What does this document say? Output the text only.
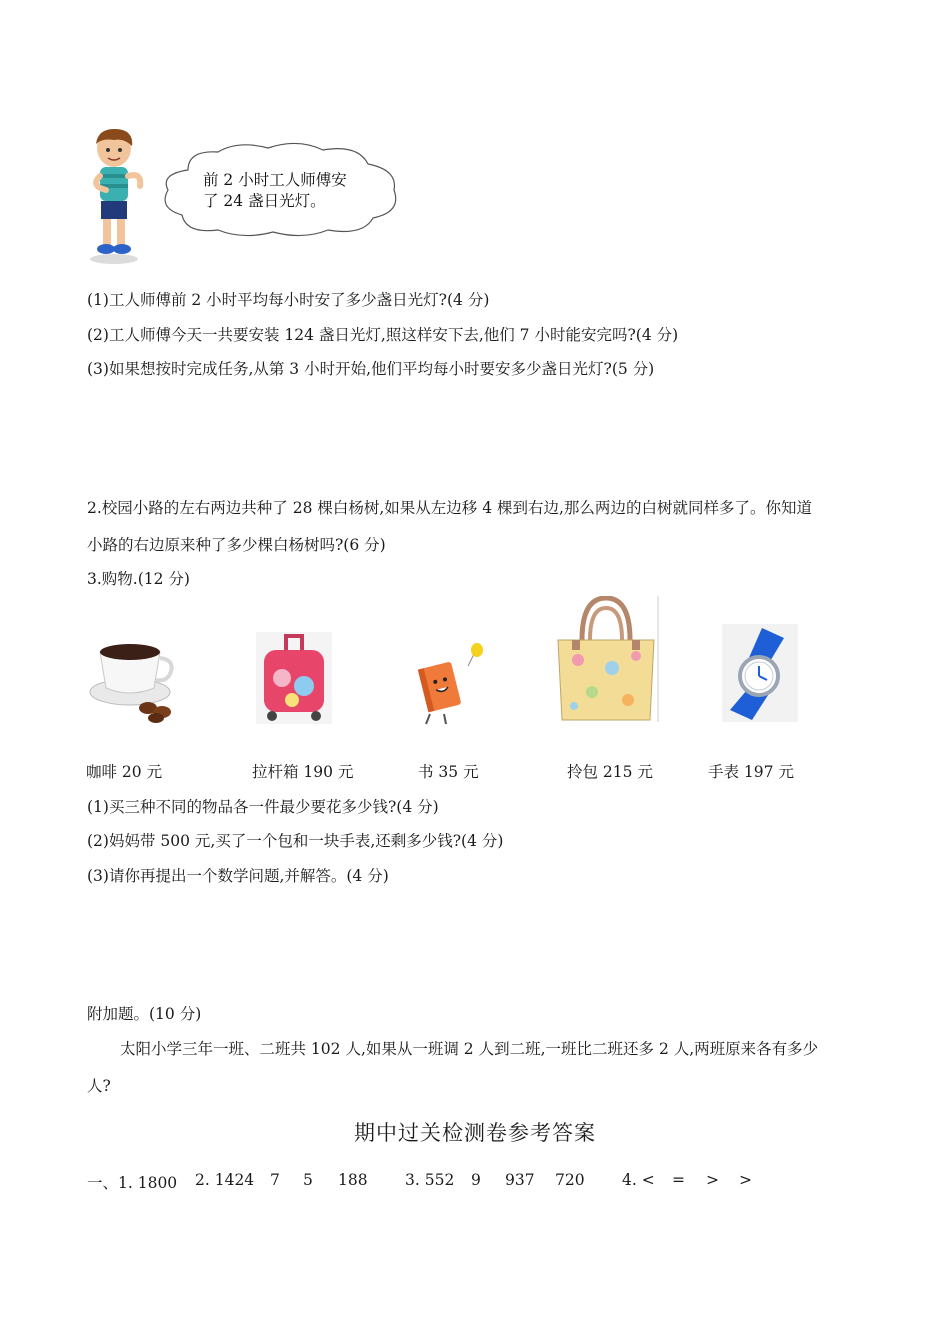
前 2 小时工人师傅安
了 24 盏日光灯。
(1)工人师傅前 2 小时平均每小时安了多少盏日光灯?(4 分)
(2)工人师傅今天一共要安装 124 盏日光灯,照这样安下去,他们 7 小时能安完吗?(4 分)
(3)如果想按时完成任务,从第 3 小时开始,他们平均每小时要安多少盏日光灯?(5 分)
2.校园小路的左右两边共种了 28 棵白杨树,如果从左边移 4 棵到右边,那么两边的白树就同样多了。你知道
小路的右边原来种了多少棵白杨树吗?(6 分)
3.购物.(12 分)
咖啡 20 元	拉杆箱 190 元	书 35 元	拎包 215 元	手表 197 元
(1)买三种不同的物品各一件最少要花多少钱?(4 分)
(2)妈妈带 500 元,买了一个包和一块手表,还剩多少钱?(4 分)
(3)请你再提出一个数学问题,并解答。(4 分)
附加题。(10 分)
太阳小学三年一班、二班共 102 人,如果从一班调 2 人到二班,一班比二班还多 2 人,两班原来各有多少
人?
期中过关检测卷参考答案
一、1. 1800 2. 1424 7 5 188 3. 552 9 937 720 4. < = > >
